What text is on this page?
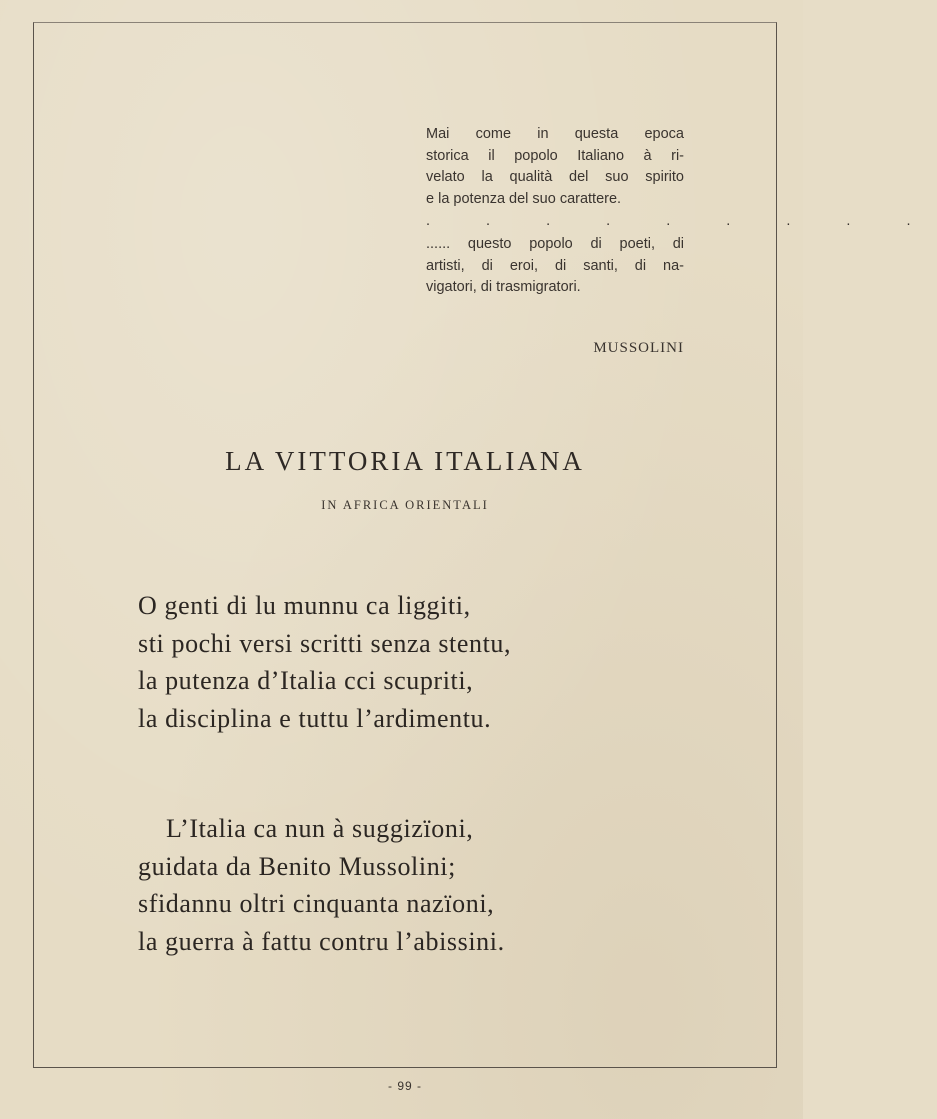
Mai come in questa epoca

storica il popolo Italiano à ri-

velato la qualità del suo spirito

e la potenza del suo carattere.

. . . . . . . . .

...... questo popolo di poeti, di

artisti, di eroi, di santi, di na-

vigatori, di trasmigratori.

MUSSOLINI
LA VITTORIA ITALIANA
IN AFRICA ORIENTALI
O genti di lu munnu ca liggiti,
sti pochi versi scritti senza stentu,
la putenza d’Italia cci scupriti,
la disciplina e tuttu l’ardimentu.
L’Italia ca nun à suggizïoni,
guidata da Benito Mussolini;
sfidannu oltri cinquanta nazïoni,
la guerra à fattu contru l’abissini.
- 99 -
